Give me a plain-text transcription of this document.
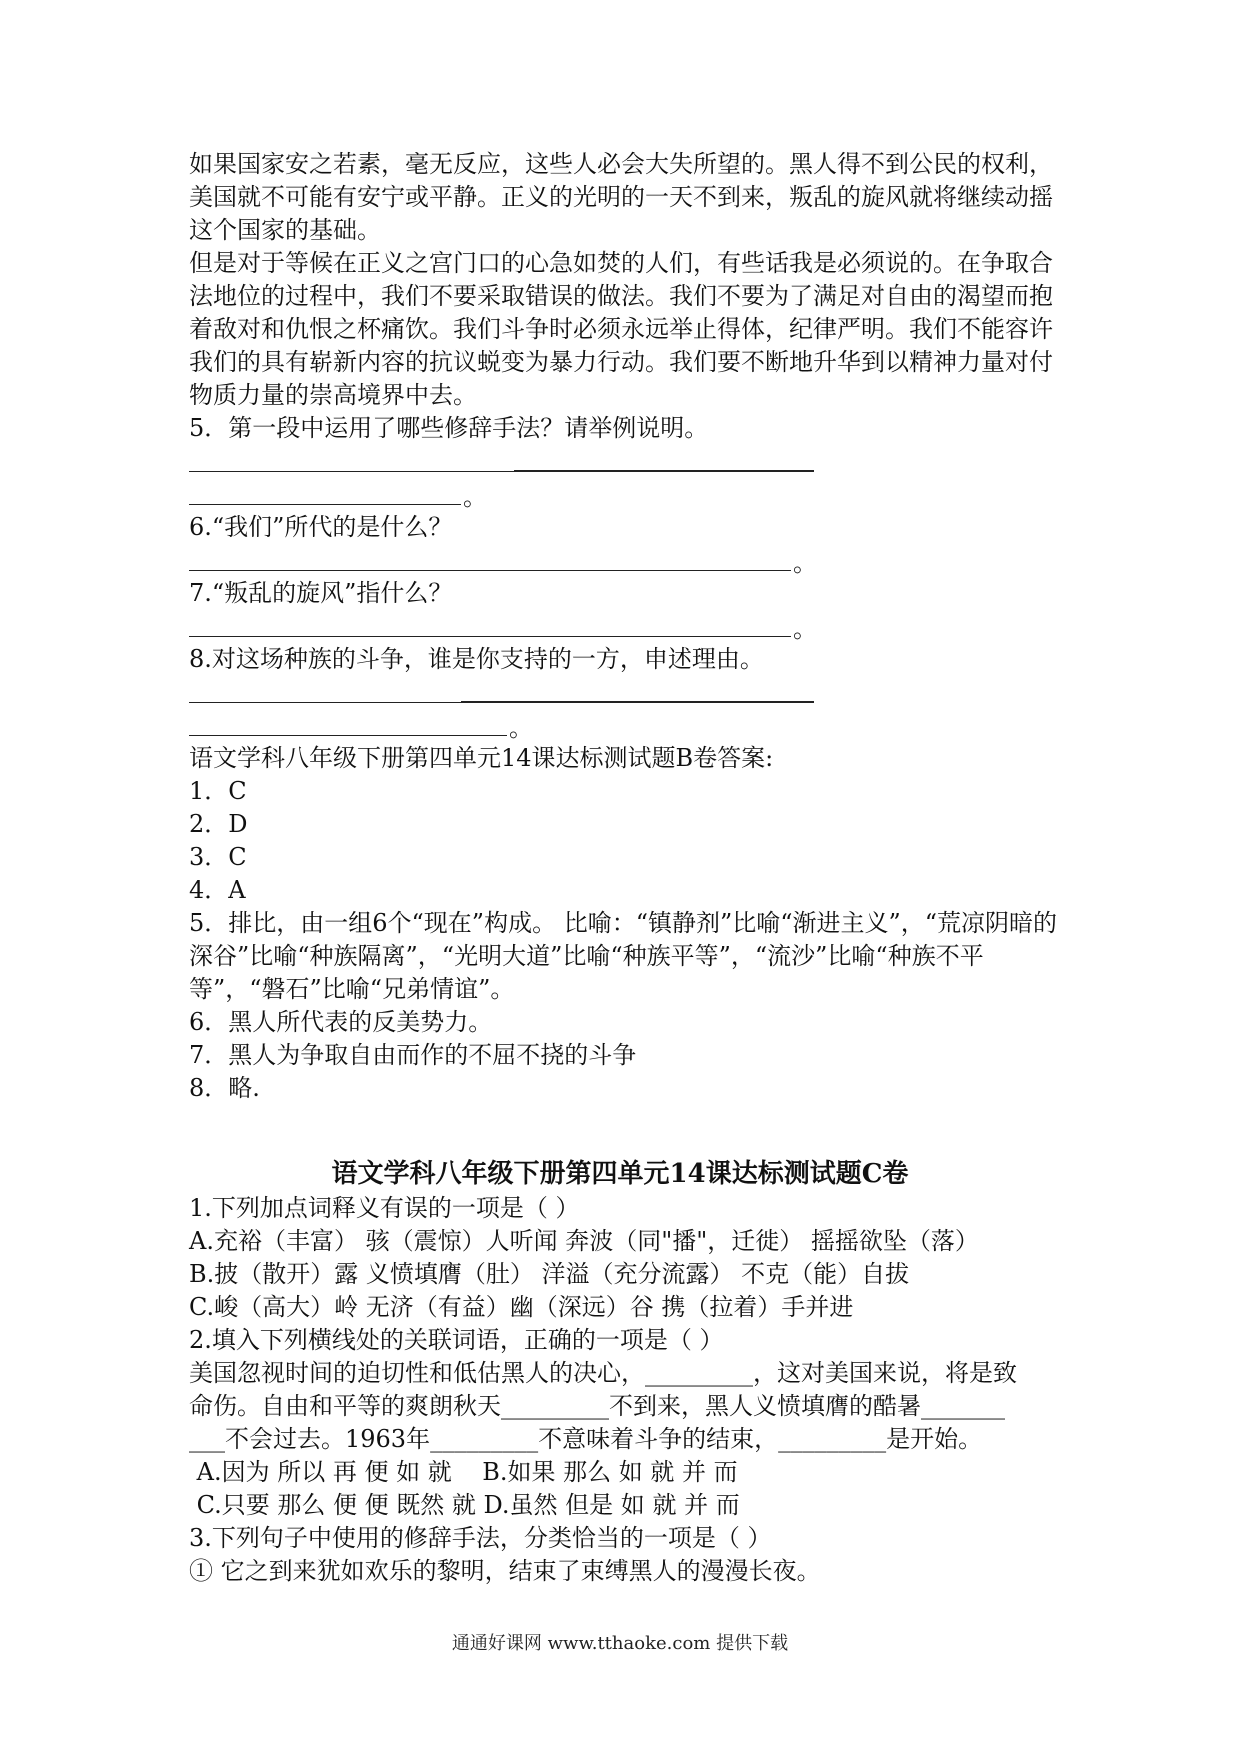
如果国家安之若素，毫无反应，这些人必会大失所望的。黑人得不到公民的权利，美国就不可能有安宁或平静。正义的光明的一天不到来，叛乱的旋风就将继续动摇这个国家的基础。

但是对于等候在正义之宫门口的心急如焚的人们，有些话我是必须说的。在争取合法地位的过程中，我们不要采取错误的做法。我们不要为了满足对自由的渴望而抱着敌对和仇恨之杯痛饮。我们斗争时必须永远举止得体，纪律严明。我们不能容许我们的具有崭新内容的抗议蜕变为暴力行动。我们要不断地升华到以精神力量对付物质力量的崇高境界中去。

5．第一段中运用了哪些修辞手法？请举例说明。

。

6.“我们”所代的是什么？

。

7.“叛乱的旋风”指什么？

。

8.对这场种族的斗争，谁是你支持的一方，申述理由。

。

语文学科八年级下册第四单元14课达标测试题B卷答案:

1．C

2．D

3．C

4．A

5．排比，由一组6个“现在”构成。 比喻：“镇静剂”比喻“渐进主义”，“荒凉阴暗的深谷”比喻“种族隔离”，“光明大道”比喻“种族平等”，“流沙”比喻“种族不平等”，“磐石”比喻“兄弟情谊”。

6．黑人所代表的反美势力。

7．黑人为争取自由而作的不屈不挠的斗争

8．略.

语文学科八年级下册第四单元14课达标测试题C卷

1.下列加点词释义有误的一项是（ ）

A.充裕（丰富） 骇（震惊）人听闻 奔波（同"播"，迁徙） 摇摇欲坠（落）

B.披（散开）露 义愤填膺（肚） 洋溢（充分流露） 不克（能）自拔

C.峻（高大）岭 无济（有益）幽（深远）谷 携（拉着）手并进

2.填入下列横线处的关联词语，正确的一项是（ ）

美国忽视时间的迫切性和低估黑人的决心，_________，这对美国来说，将是致

命伤。自由和平等的爽朗秋天_________不到来，黑人义愤填膺的酷暑_______

___不会过去。1963年_________不意味着斗争的结束，_________是开始。

A.因为 所以 再 便 如 就    B.如果 那么 如 就 并 而

C.只要 那么 便 便 既然 就 D.虽然 但是 如 就 并 而

3.下列句子中使用的修辞手法，分类恰当的一项是（ ）

① 它之到来犹如欢乐的黎明，结束了束缚黑人的漫漫长夜。

通通好课网 www.tthaoke.com 提供下载
